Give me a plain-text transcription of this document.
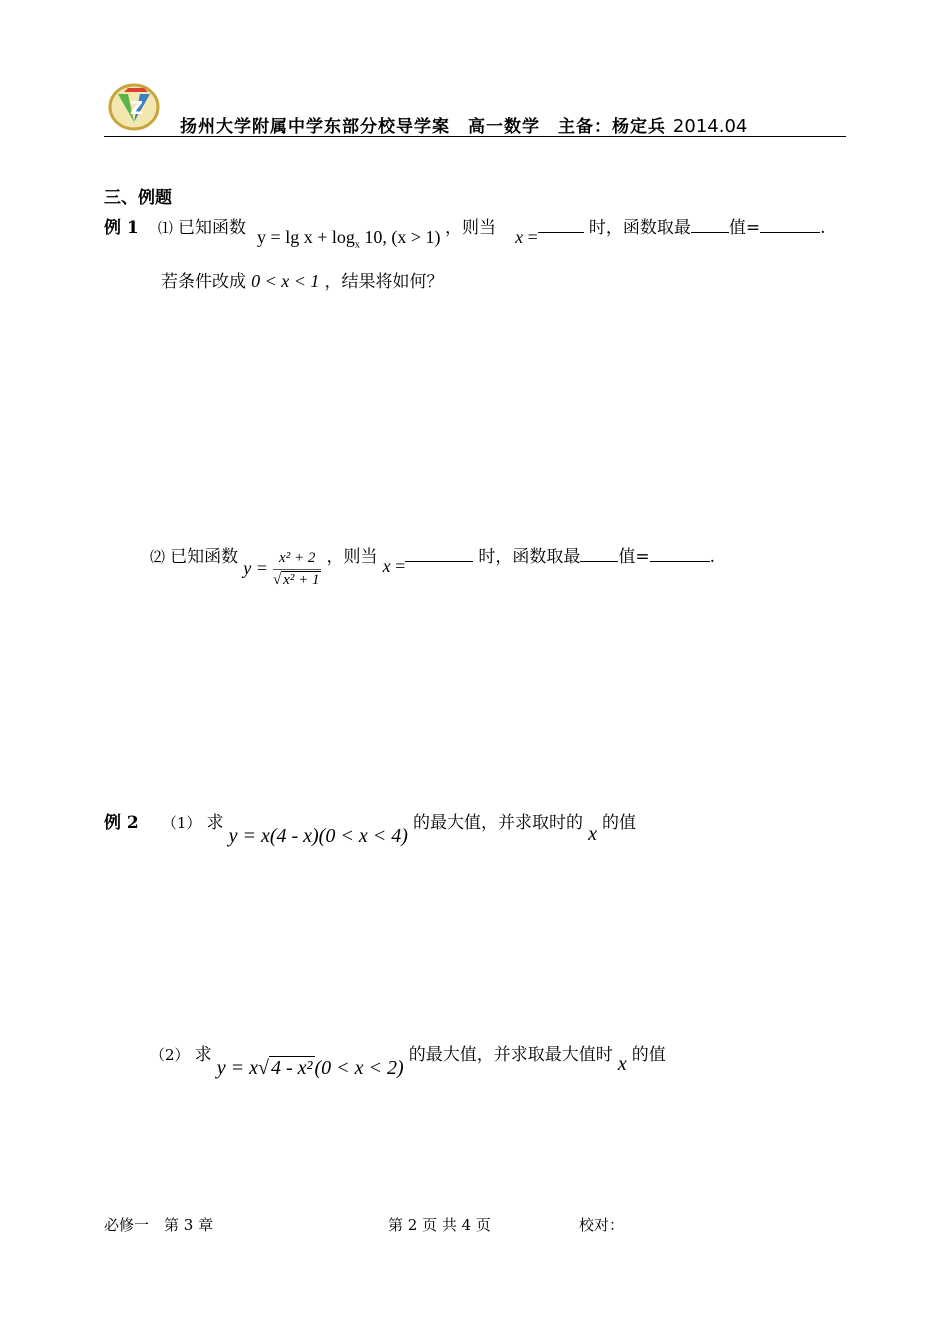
Z
扬州大学附属中学东部分校导学案　高一数学　主备：杨定兵 2014.04
三、例题
例 1 ⑴ 已知函数 $y = \lg x + \log_x 10$, (x > 1) ，则当 x =	时，函数取最 值=	.
若条件改成 0 < x < 1 ，结果将如何？
⑵ 已知函数 $y = \frac{\text{x² + 2}}{\text{√ x² + 1}}$ ，则当 x =	时，函数取最 值=	.
例 2 （1） 求 y = x(4 - x)(0 < x < 4) 的最大值，并求取时的 x 的值
（2） 求 y = x√ 4 - x² (0 < x < 2) 的最大值，并求取最大值时 x 的值
必修一　第 3 章	第 2 页 共 4 页	校对：
